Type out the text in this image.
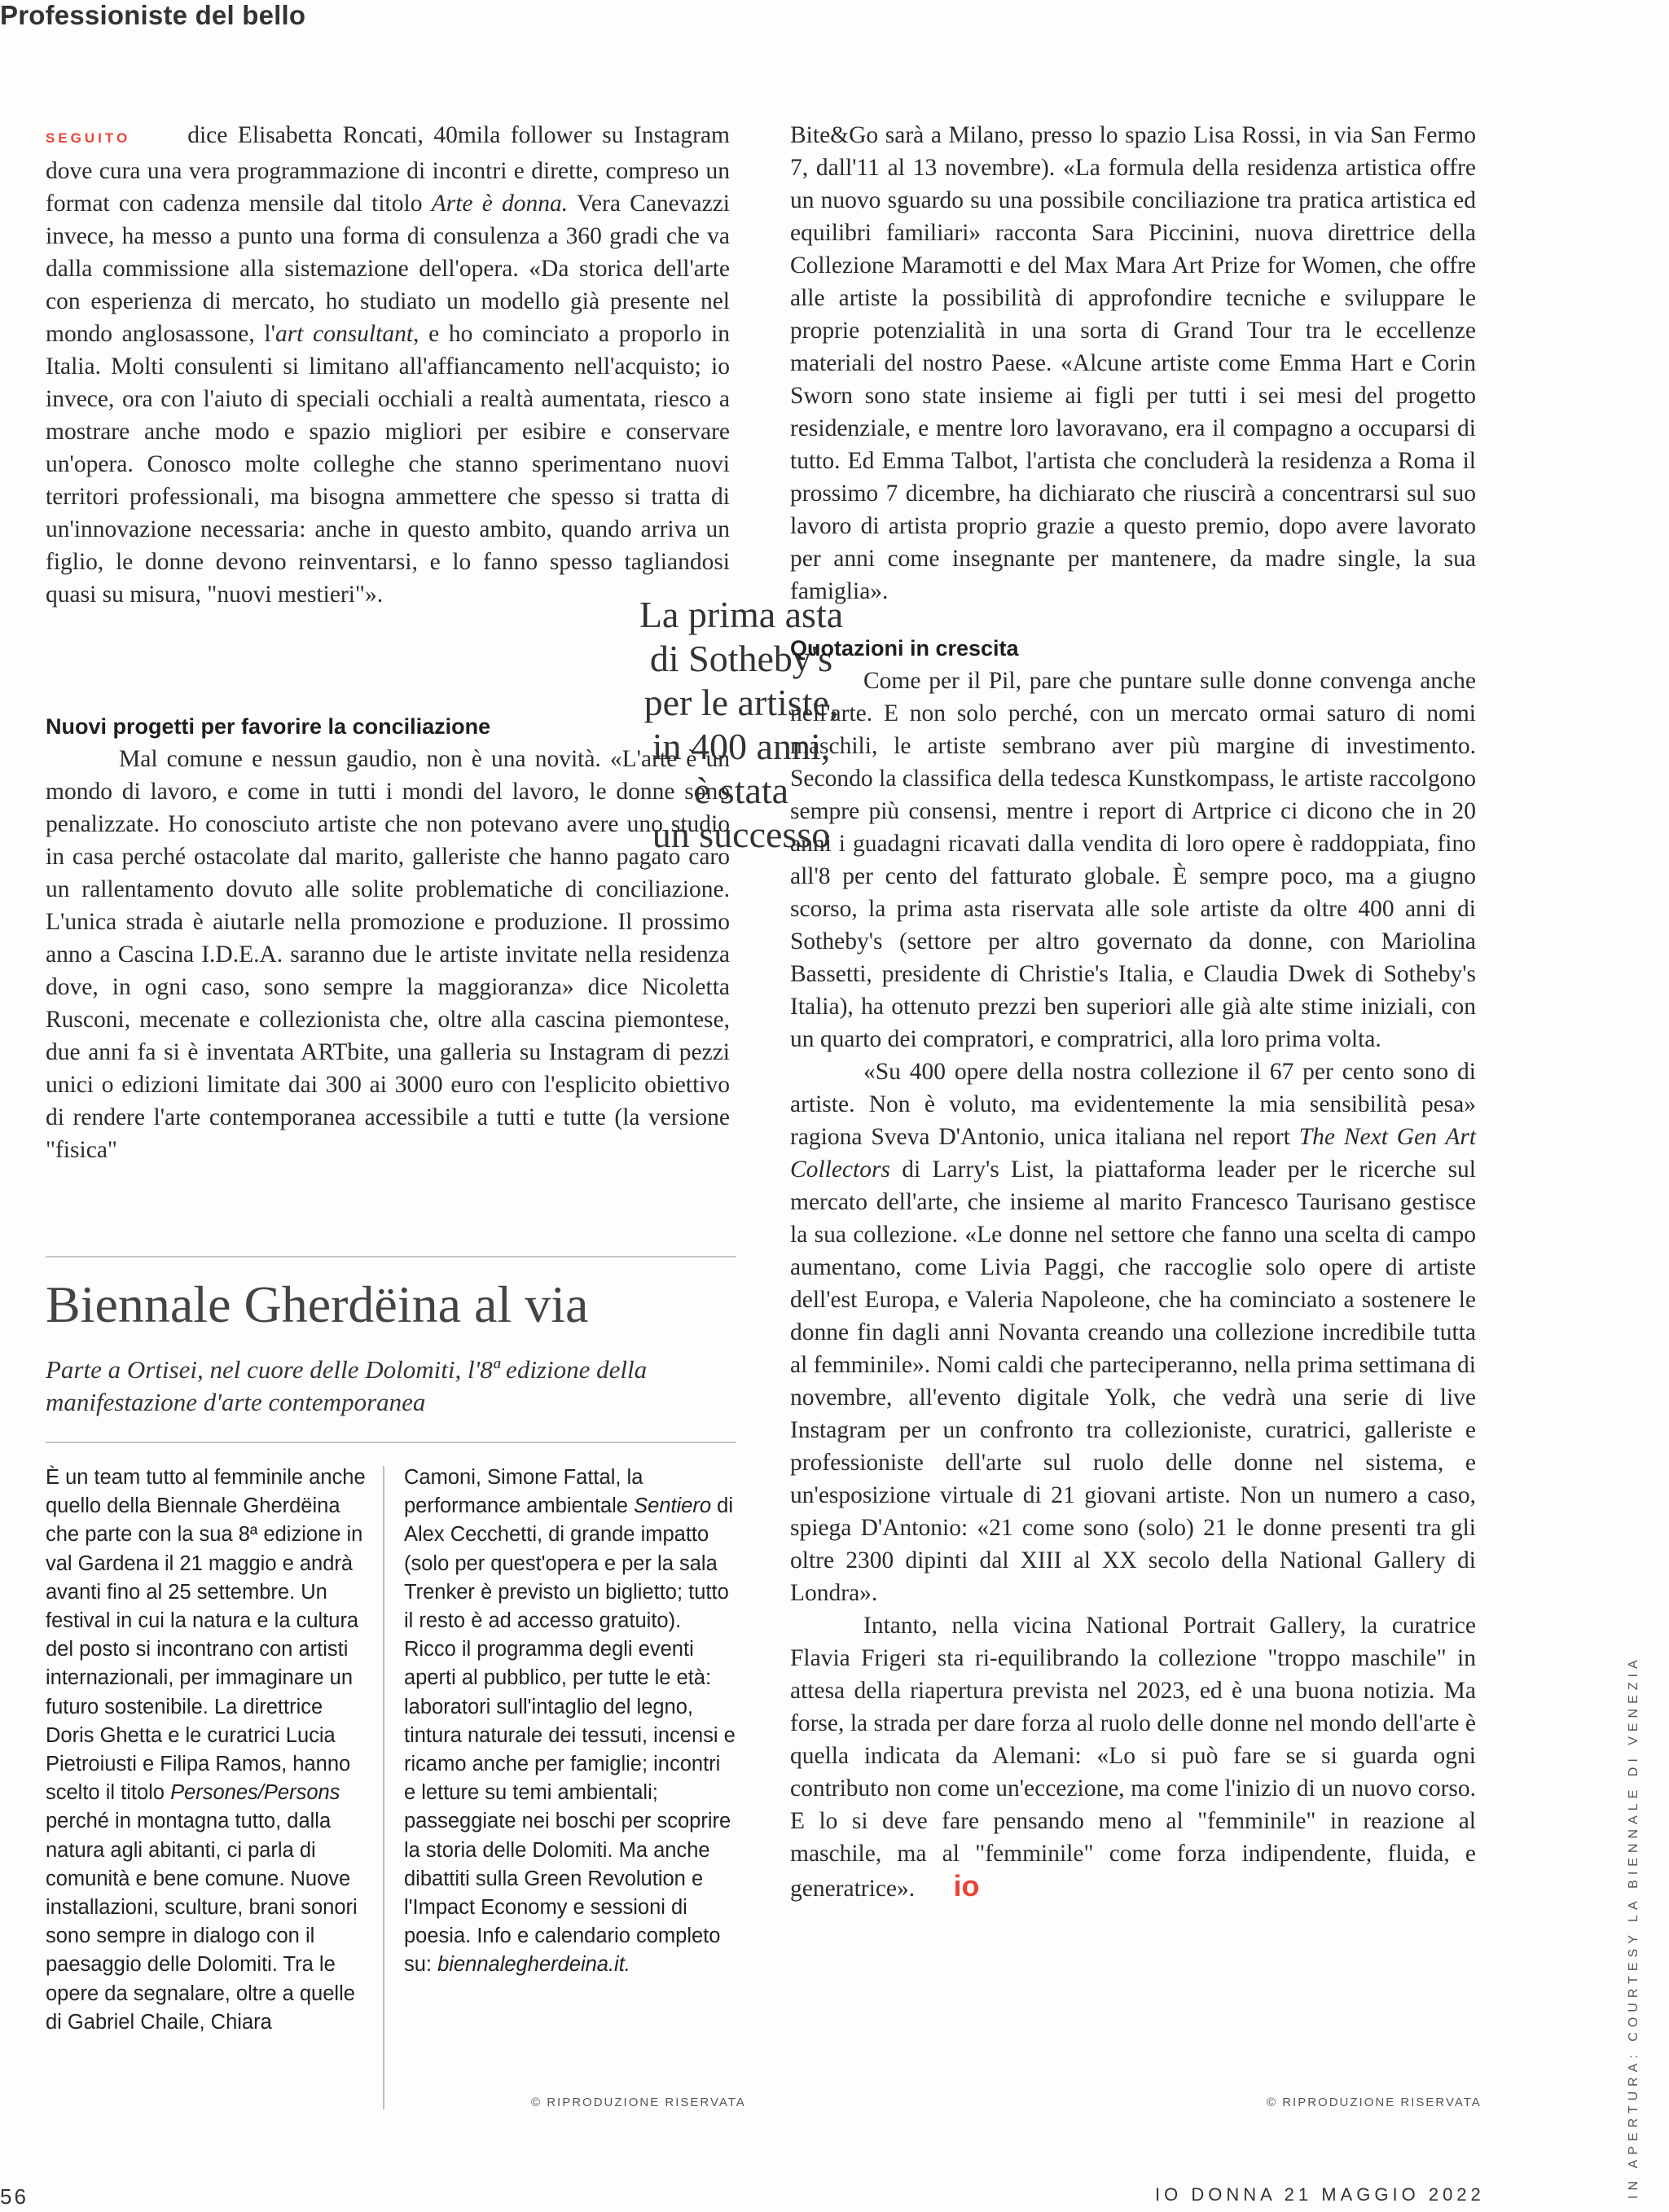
Professioniste del bello

SEGUITO dice Elisabetta Roncati, 40mila follower su Instagram dove cura una vera programmazione di incontri e dirette, compreso un format con cadenza mensile dal titolo Arte è donna. Vera Canevazzi invece, ha messo a punto una forma di consulenza a 360 gradi che va dalla commissione alla sistemazione dell'opera. «Da storica dell'arte con esperienza di mercato, ho studiato un modello già presente nel mondo anglosassone, l'art consultant, e ho cominciato a proporlo in Italia. Molti consulenti si limitano all'affiancamento nell'acquisto; io invece, ora con l'aiuto di speciali occhiali a realtà aumentata, riesco a mostrare anche modo e spazio migliori per esibire e conservare un'opera. Conosco molte colleghe che stanno sperimentano nuovi territori professionali, ma bisogna ammettere che spesso si tratta di un'innovazione necessaria: anche in questo ambito, quando arriva un figlio, le donne devono reinventarsi, e lo fanno spesso tagliandosi quasi su misura, "nuovi mestieri"».

Nuovi progetti per favorire la conciliazione

Mal comune e nessun gaudio, non è una novità. «L'arte è un mondo di lavoro, e come in tutti i mondi del lavoro, le donne sono penalizzate. Ho conosciuto artiste che non potevano avere uno studio in casa perché ostacolate dal marito, galleriste che hanno pagato caro un rallentamento dovuto alle solite problematiche di conciliazione. L'unica strada è aiutarle nella promozione e produzione. Il prossimo anno a Cascina I.D.E.A. saranno due le artiste invitate nella residenza dove, in ogni caso, sono sempre la maggioranza» dice Nicoletta Rusconi, mecenate e collezionista che, oltre alla cascina piemontese, due anni fa si è inventata ARTbite, una galleria su Instagram di pezzi unici o edizioni limitate dai 300 ai 3000 euro con l'esplicito obiettivo di rendere l'arte contemporanea accessibile a tutti e tutte (la versione "fisica"

La prima asta
di Sotheby's
per le artiste,
in 400 anni,
è stata
un successo

Bite&Go sarà a Milano, presso lo spazio Lisa Rossi, in via San Fermo 7, dall'11 al 13 novembre). «La formula della residenza artistica offre un nuovo sguardo su una possibile conciliazione tra pratica artistica ed equilibri familiari» racconta Sara Piccinini, nuova direttrice della Collezione Maramotti e del Max Mara Art Prize for Women, che offre alle artiste la possibilità di approfondire tecniche e sviluppare le proprie potenzialità in una sorta di Grand Tour tra le eccellenze materiali del nostro Paese. «Alcune artiste come Emma Hart e Corin Sworn sono state insieme ai figli per tutti i sei mesi del progetto residenziale, e mentre loro lavoravano, era il compagno a occuparsi di tutto. Ed Emma Talbot, l'artista che concluderà la residenza a Roma il prossimo 7 dicembre, ha dichiarato che riuscirà a concentrarsi sul suo lavoro di artista proprio grazie a questo premio, dopo avere lavorato per anni come insegnante per mantenere, da madre single, la sua famiglia».

Quotazioni in crescita

Come per il Pil, pare che puntare sulle donne convenga anche nell'arte. E non solo perché, con un mercato ormai saturo di nomi maschili, le artiste sembrano aver più margine di investimento. Secondo la classifica della tedesca Kunstkompass, le artiste raccolgono sempre più consensi, mentre i report di Artprice ci dicono che in 20 anni i guadagni ricavati dalla vendita di loro opere è raddoppiata, fino all'8 per cento del fatturato globale. È sempre poco, ma a giugno scorso, la prima asta riservata alle sole artiste da oltre 400 anni di Sotheby's (settore per altro governato da donne, con Mariolina Bassetti, presidente di Christie's Italia, e Claudia Dwek di Sotheby's Italia), ha ottenuto prezzi ben superiori alle già alte stime iniziali, con un quarto dei compratori, e compratrici, alla loro prima volta.

«Su 400 opere della nostra collezione il 67 per cento sono di artiste. Non è voluto, ma evidentemente la mia sensibilità pesa» ragiona Sveva D'Antonio, unica italiana nel report The Next Gen Art Collectors di Larry's List, la piattaforma leader per le ricerche sul mercato dell'arte, che insieme al marito Francesco Taurisano gestisce la sua collezione. «Le donne nel settore che fanno una scelta di campo aumentano, come Livia Paggi, che raccoglie solo opere di artiste dell'est Europa, e Valeria Napoleone, che ha cominciato a sostenere le donne fin dagli anni Novanta creando una collezione incredibile tutta al femminile». Nomi caldi che parteciperanno, nella prima settimana di novembre, all'evento digitale Yolk, che vedrà una serie di live Instagram per un confronto tra collezioniste, curatrici, galleriste e professioniste dell'arte sul ruolo delle donne nel sistema, e un'esposizione virtuale di 21 giovani artiste. Non un numero a caso, spiega D'Antonio: «21 come sono (solo) 21 le donne presenti tra gli oltre 2300 dipinti dal XIII al XX secolo della National Gallery di Londra».

Intanto, nella vicina National Portrait Gallery, la curatrice Flavia Frigeri sta ri-equilibrando la collezione "troppo maschile" in attesa della riapertura prevista nel 2023, ed è una buona notizia. Ma forse, la strada per dare forza al ruolo delle donne nel mondo dell'arte è quella indicata da Alemani: «Lo si può fare se si guarda ogni contributo non come un'eccezione, ma come l'inizio di un nuovo corso. E lo si deve fare pensando meno al "femminile" in reazione al maschile, ma al "femminile" come forza indipendente, fluida, e generatrice». io

© RIPRODUZIONE RISERVATA
Biennale Gherdëina al via
Parte a Ortisei, nel cuore delle Dolomiti, l'8ª edizione della manifestazione d'arte contemporanea
È un team tutto al femminile anche quello della Biennale Gherdëina che parte con la sua 8ª edizione in val Gardena il 21 maggio e andrà avanti fino al 25 settembre. Un festival in cui la natura e la cultura del posto si incontrano con artisti internazionali, per immaginare un futuro sostenibile. La direttrice Doris Ghetta e le curatrici Lucia Pietroiusti e Filipa Ramos, hanno scelto il titolo Persones/Persons perché in montagna tutto, dalla natura agli abitanti, ci parla di comunità e bene comune. Nuove installazioni, sculture, brani sonori sono sempre in dialogo con il paesaggio delle Dolomiti. Tra le opere da segnalare, oltre a quelle di Gabriel Chaile, Chiara
Camoni, Simone Fattal, la performance ambientale Sentiero di Alex Cecchetti, di grande impatto (solo per quest'opera e per la sala Trenker è previsto un biglietto; tutto il resto è ad accesso gratuito). Ricco il programma degli eventi aperti al pubblico, per tutte le età: laboratori sull'intaglio del legno, tintura naturale dei tessuti, incensi e ricamo anche per famiglie; incontri e letture su temi ambientali; passeggiate nei boschi per scoprire la storia delle Dolomiti. Ma anche dibattiti sulla Green Revolution e l'Impact Economy e sessioni di poesia. Info e calendario completo su: biennalegherdeina.it.
© RIPRODUZIONE RISERVATA	IN APERTURA: COURTESY LA BIENNALE DI VENEZIA
56	IO DONNA 21 MAGGIO 2022
